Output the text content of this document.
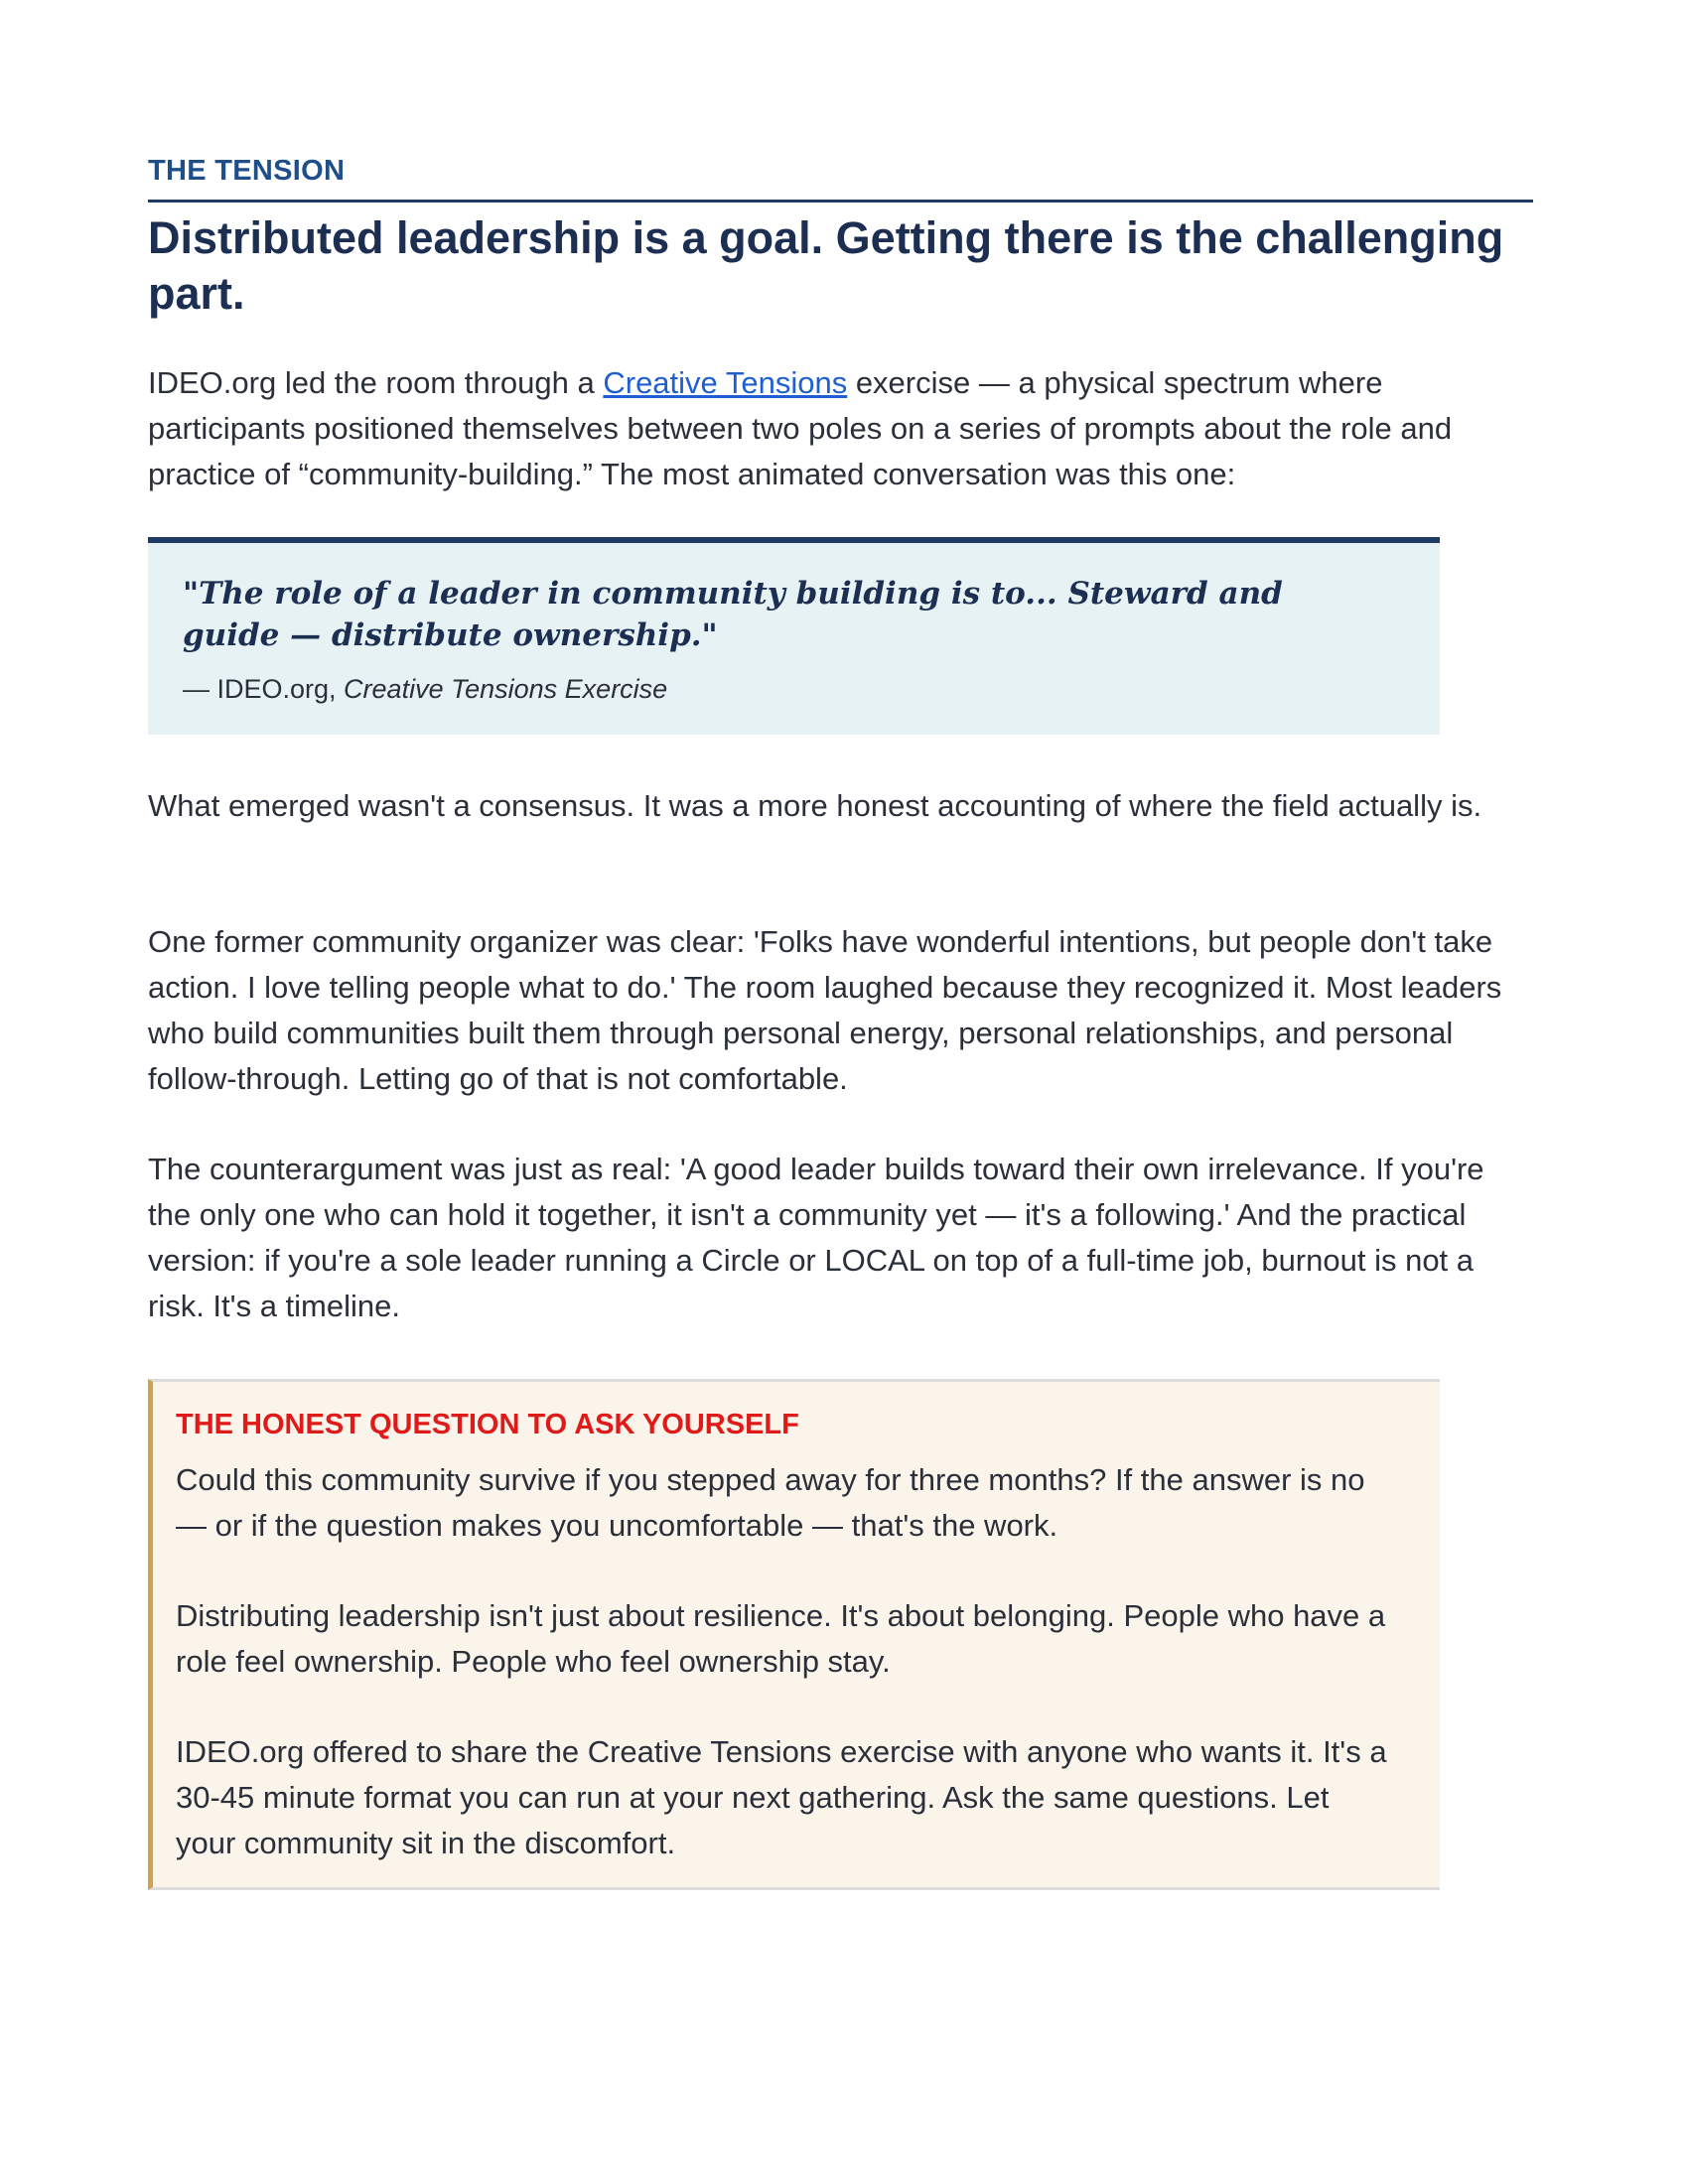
THE TENSION
Distributed leadership is a goal. Getting there is the challenging part.

IDEO.org led the room through a Creative Tensions exercise — a physical spectrum where participants positioned themselves between two poles on a series of prompts about the role and practice of “community-building.” The most animated conversation was this one:

"The role of a leader in community building is to... Steward and guide — distribute ownership."

— IDEO.org, Creative Tensions Exercise

What emerged wasn't a consensus. It was a more honest accounting of where the field actually is.

One former community organizer was clear: 'Folks have wonderful intentions, but people don't take action. I love telling people what to do.' The room laughed because they recognized it. Most leaders who build communities built them through personal energy, personal relationships, and personal follow-through. Letting go of that is not comfortable.

The counterargument was just as real: 'A good leader builds toward their own irrelevance. If you're the only one who can hold it together, it isn't a community yet — it's a following.' And the practical version: if you're a sole leader running a Circle or LOCAL on top of a full-time job, burnout is not a risk. It's a timeline.

THE HONEST QUESTION TO ASK YOURSELF

Could this community survive if you stepped away for three months? If the answer is no — or if the question makes you uncomfortable — that's the work.

Distributing leadership isn't just about resilience. It's about belonging. People who have a role feel ownership. People who feel ownership stay.

IDEO.org offered to share the Creative Tensions exercise with anyone who wants it. It's a 30-45 minute format you can run at your next gathering. Ask the same questions. Let your community sit in the discomfort.
